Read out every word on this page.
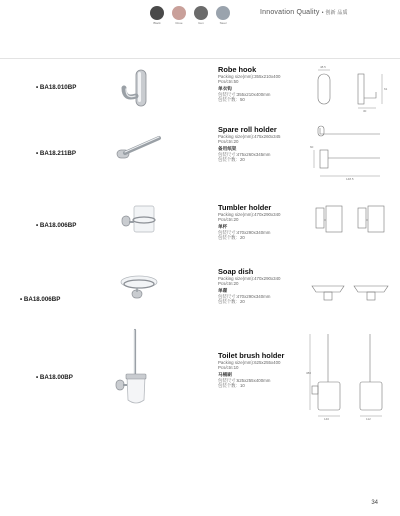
Black	Rose	Gun	Steel
Innovation Quality • 创新 品质
• BA18.010BP
Robe hook
Packing size(mm):355x210x400
Pcs/ctn:50
单衣钩
包装尺寸:355x210x400mm
包装个数：50
48.5
30
61
• BA18.211BP
Spare roll holder
Packing size(mm):475x260x345
Pcs/ctn:20
备用纸架
包装尺寸:475x260x345mm
包装个数：20
148.5
60
• BA18.006BP
Tumbler holder
Packing size(mm):470x290x340
Pcs/ctn:20
单杯
包装尺寸:470x290x340mm
包装个数：20
• BA18.006BP
Soap dish
Packing size(mm):470x290x340
Pcs/ctn:20
单碟
包装尺寸:470x290x340mm
包装个数：20
• BA18.00BP
Toilet brush holder
Packing size(mm):625x255x400
Pcs/ctn:10
马桶刷
包装尺寸:625x255x400mm
包装个数：10
380
140	112
34
